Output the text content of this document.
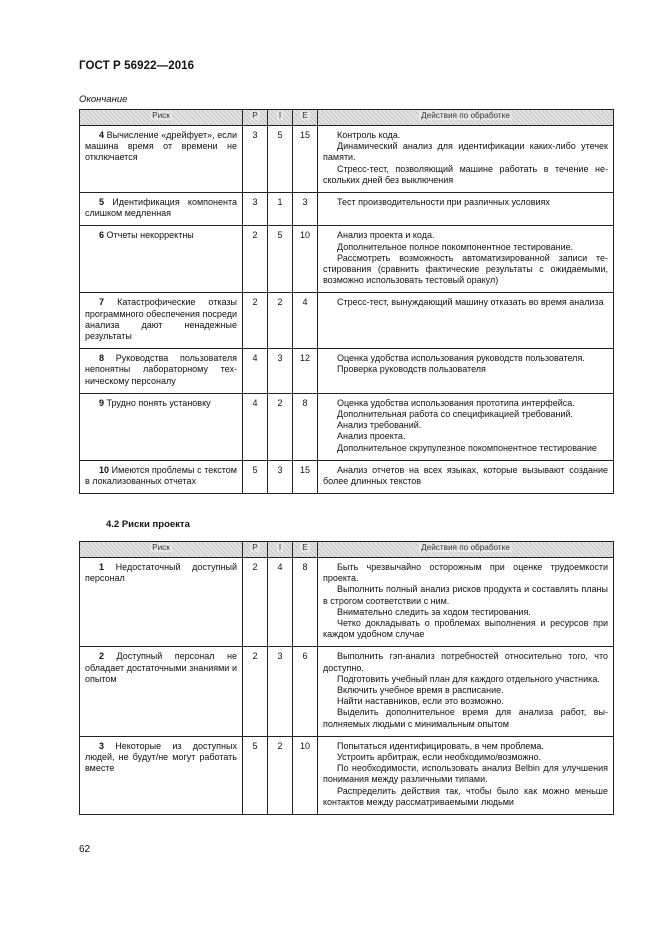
ГОСТ Р 56922—2016
Окончание
Риск	P	I	E	Действия по обработке
4 Вычисление «дрейфует», если машина время от времени не отключается	3	5	15	Контроль кода.
Динамический анализ для идентификации каких-либо утечек памяти.
Стресс-тест, позволяющий машине работать в течение нескольких дней без выключения

5 Идентификация компонента слишком медленная	3	1	3	Тест производительности при различных условиях

6 Отчеты некорректны	2	5	10	Анализ проекта и кода.
Дополнительное полное покомпонентное тестирование.
Рассмотреть возможность автоматизированной записи тестирования (сравнить фактические результаты с ожидаемыми, возможно использовать тестовый оракул)

7 Катастрофические отказы программного обеспечения посреди анализа дают ненадежные результаты	2	2	4	Стресс-тест, вынуждающий машину отказать во время анализа

8 Руководства пользователя непонятны лабораторному техническому персоналу	4	3	12	Оценка удобства использования руководств пользователя.
Проверка руководств пользователя

9 Трудно понять установку	4	2	8	Оценка удобства использования прототипа интерфейса.
Дополнительная работа со спецификацией требований.
Анализ требований.
Анализ проекта.
Дополнительное скрупулезное покомпонентное тестирование

10 Имеются проблемы с текстом в локализованных отчетах	5	3	15	Анализ отчетов на всех языках, которые вызывают создание более длинных текстов
4.2 Риски проекта
Риск	P	I	E	Действия по обработке
1 Недостаточный доступный персонал	2	4	8	Быть чрезвычайно осторожным при оценке трудоемкости проекта.
Выполнить полный анализ рисков продукта и составлять планы в строгом соответствии с ним.
Внимательно следить за ходом тестирования.
Четко докладывать о проблемах выполнения и ресурсов при каждом удобном случае

2 Доступный персонал не обладает достаточными знаниями и опытом	2	3	6	Выполнить гэп-анализ потребностей относительно того, что доступно.
Подготовить учебный план для каждого отдельного участника.
Включить учебное время в расписание.
Найти наставников, если это возможно.
Выделить дополнительное время для анализа работ, выполняемых людьми с минимальным опытом

3 Некоторые из доступных людей, не будут/не могут работать вместе	5	2	10	Попытаться идентифицировать, в чем проблема.
Устроить арбитраж, если необходимо/возможно.
По необходимости, использовать анализ Belbin для улучшения понимания между различными типами.
Распределить действия так, чтобы было как можно меньше контактов между рассматриваемыми людьми
62
